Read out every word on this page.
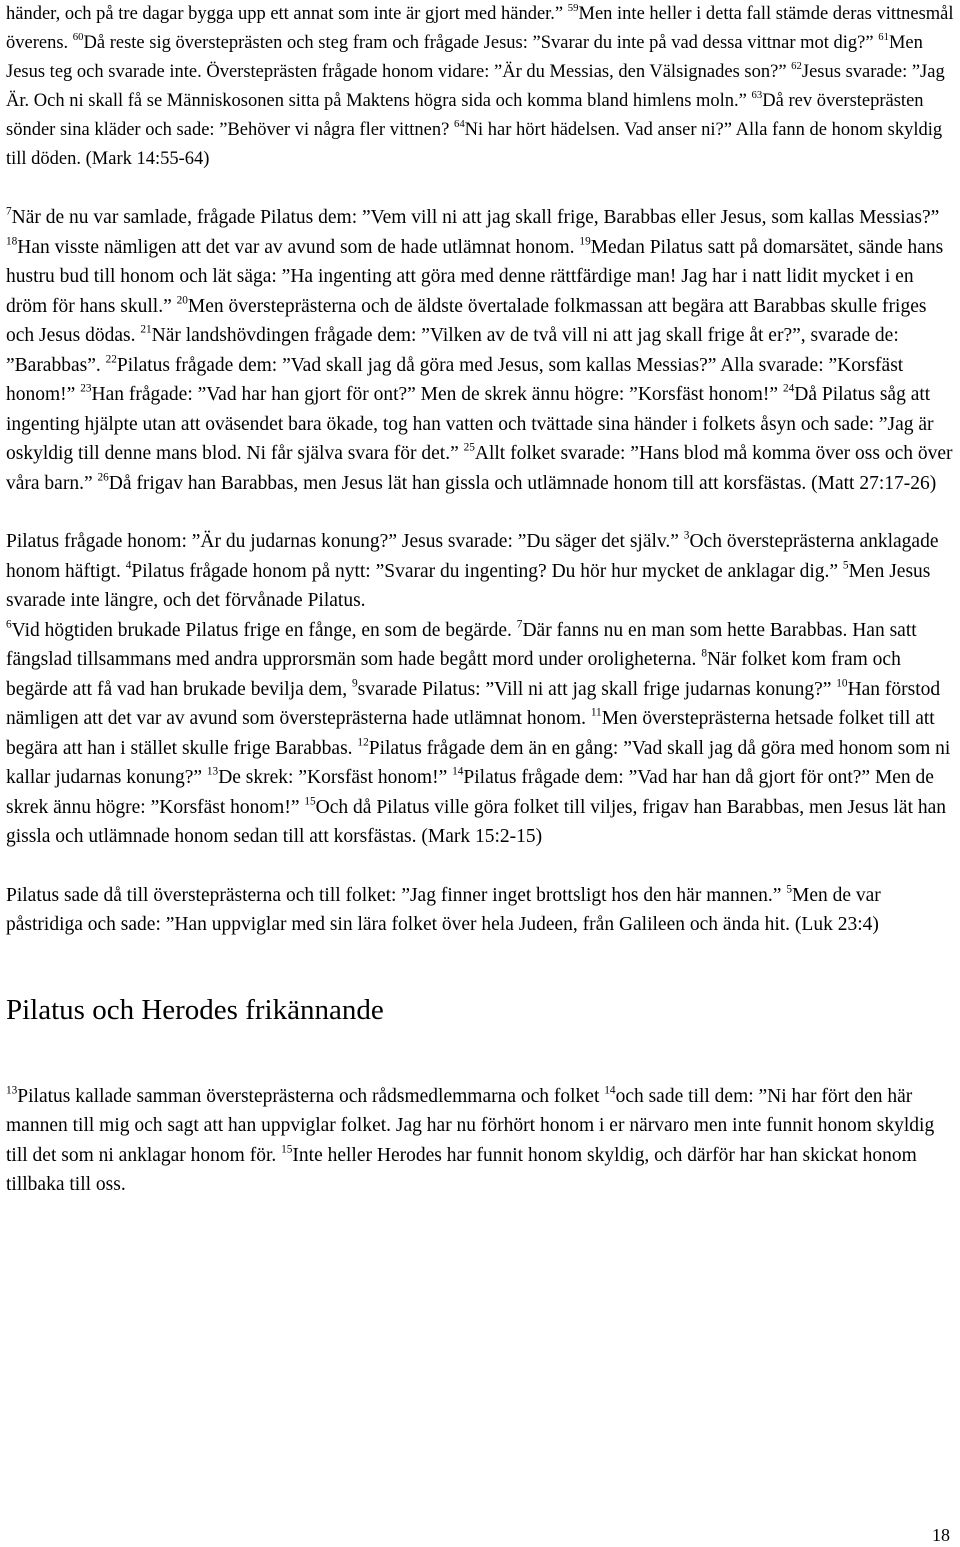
händer, och på tre dagar bygga upp ett annat som inte är gjort med händer.” $^{59}$Men inte heller i detta fall stämde deras vittnesmål överens. $^{60}$Då reste sig översteprästen och steg fram och frågade Jesus: ”Svarar du inte på vad dessa vittnar mot dig?” $^{61}$Men Jesus teg och svarade inte. Översteprästen frågade honom vidare: ”Är du Messias, den Välsignades son?” $^{62}$Jesus svarade: ”Jag Är. Och ni skall få se Människosonen sitta på Maktens högra sida och komma bland himlens moln.” $^{63}$Då rev översteprästen sönder sina kläder och sade: ”Behöver vi några fler vittnen? $^{64}$Ni har hört hädelsen. Vad anser ni?” Alla fann de honom skyldig till döden. (Mark 14:55-64)

$^7$När de nu var samlade, frågade Pilatus dem: ”Vem vill ni att jag skall frige, Barabbas eller Jesus, som kallas Messias?” $^{18}$Han visste nämligen att det var av avund som de hade utlämnat honom. $^{19}$Medan Pilatus satt på domarsätet, sände hans hustru bud till honom och lät säga: ”Ha ingenting att göra med denne rättfärdige man! Jag har i natt lidit mycket i en dröm för hans skull.” $^{20}$Men översteprästerna och de äldste övertalade folkmassan att begära att Barabbas skulle friges och Jesus dödas. $^{21}$När landshövdingen frågade dem: ”Vilken av de två vill ni att jag skall frige åt er?”, svarade de: ”Barabbas”. $^{22}$Pilatus frågade dem: ”Vad skall jag då göra med Jesus, som kallas Messias?” Alla svarade: ”Korsfäst honom!” $^{23}$Han frågade: ”Vad har han gjort för ont?” Men de skrek ännu högre: ”Korsfäst honom!” $^{24}$Då Pilatus såg att ingenting hjälpte utan att oväsendet bara ökade, tog han vatten och tvättade sina händer i folkets åsyn och sade: ”Jag är oskyldig till denne mans blod. Ni får själva svara för det.” $^{25}$Allt folket svarade: ”Hans blod må komma över oss och över våra barn.” $^{26}$Då frigav han Barabbas, men Jesus lät han gissla och utlämnade honom till att korsfästas. (Matt 27:17-26)

Pilatus frågade honom: ”Är du judarnas konung?” Jesus svarade: ”Du säger det själv.” $^3$Och översteprästerna anklagade honom häftigt. $^4$Pilatus frågade honom på nytt: ”Svarar du ingenting? Du hör hur mycket de anklagar dig.” $^5$Men Jesus svarade inte längre, och det förvånade Pilatus.

$^6$Vid högtiden brukade Pilatus frige en fånge, en som de begärde. $^7$Där fanns nu en man som hette Barabbas. Han satt fängslad tillsammans med andra upprorsmän som hade begått mord under oroligheterna. $^8$När folket kom fram och begärde att få vad han brukade bevilja dem, $^9$svarade Pilatus: ”Vill ni att jag skall frige judarnas konung?” $^{10}$Han förstod nämligen att det var av avund som översteprästerna hade utlämnat honom. $^{11}$Men översteprästerna hetsade folket till att begära att han i stället skulle frige Barabbas. $^{12}$Pilatus frågade dem än en gång: ”Vad skall jag då göra med honom som ni kallar judarnas konung?” $^{13}$De skrek: ”Korsfäst honom!” $^{14}$Pilatus frågade dem: ”Vad har han då gjort för ont?” Men de skrek ännu högre: ”Korsfäst honom!” $^{15}$Och då Pilatus ville göra folket till viljes, frigav han Barabbas, men Jesus lät han gissla och utlämnade honom sedan till att korsfästas. (Mark 15:2-15)

Pilatus sade då till översteprästerna och till folket: ”Jag finner inget brottsligt hos den här mannen.” $^5$Men de var påstridiga och sade: ”Han uppviglar med sin lära folket över hela Judeen, från Galileen och ända hit. (Luk 23:4)

Pilatus och Herodes frikännande

$^{13}$Pilatus kallade samman översteprästerna och rådsmedlemmarna och folket $^{14}$och sade till dem: ”Ni har fört den här mannen till mig och sagt att han uppviglar folket. Jag har nu förhört honom i er närvaro men inte funnit honom skyldig till det som ni anklagar honom för. $^{15}$Inte heller Herodes har funnit honom skyldig, och därför har han skickat honom tillbaka till oss.

18
